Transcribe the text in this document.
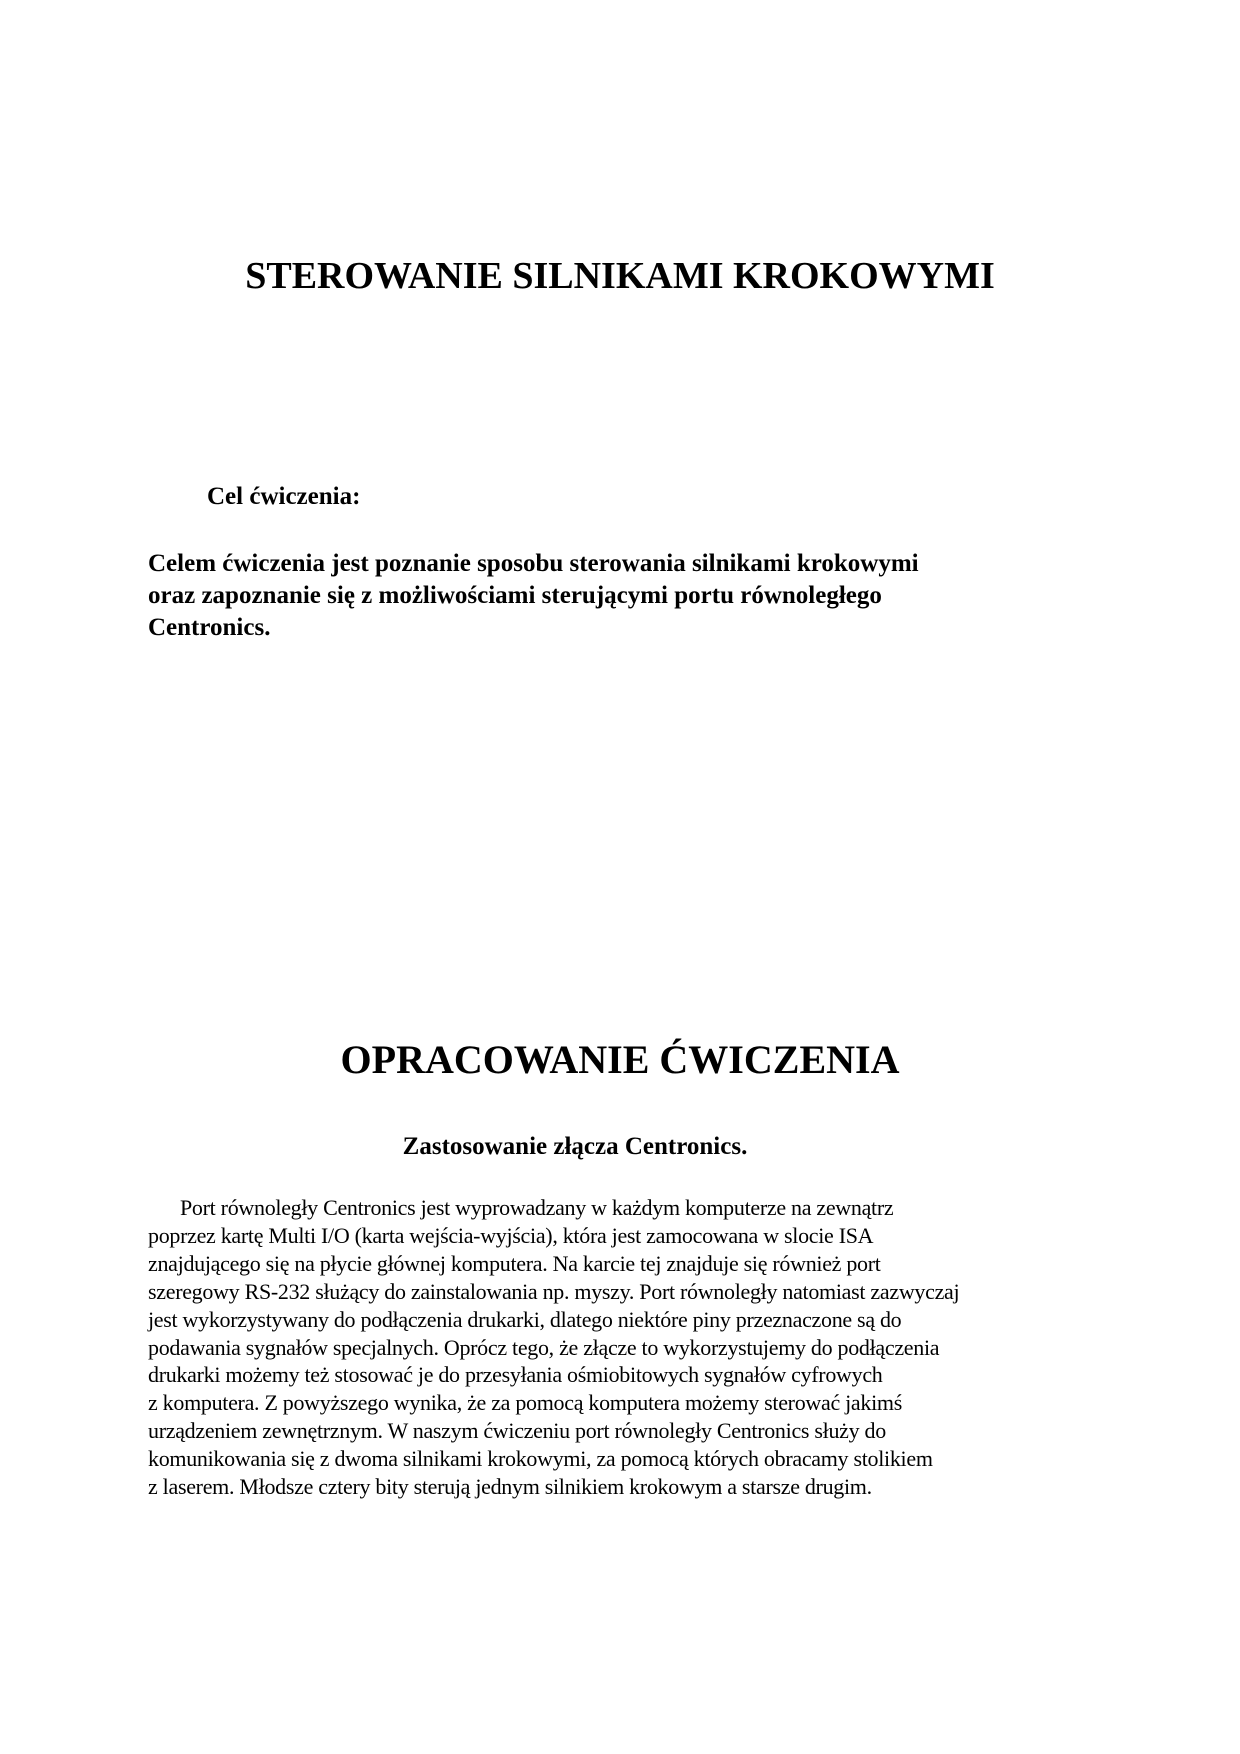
STEROWANIE SILNIKAMI KROKOWYMI
Cel ćwiczenia:
Celem ćwiczenia jest poznanie sposobu sterowania silnikami krokowymi
oraz zapoznanie się z możliwościami sterującymi portu równoległego
Centronics.
OPRACOWANIE ĆWICZENIA
Zastosowanie złącza Centronics.
Port równoległy Centronics jest wyprowadzany w każdym komputerze na zewnątrz
poprzez kartę Multi I/O (karta wejścia-wyjścia), która jest zamocowana w slocie ISA
znajdującego się na płycie głównej komputera. Na karcie tej znajduje się również port
szeregowy RS-232 służący do zainstalowania np. myszy. Port równoległy natomiast zazwyczaj
jest wykorzystywany do podłączenia drukarki, dlatego niektóre piny przeznaczone są do
podawania sygnałów specjalnych. Oprócz tego, że złącze to wykorzystujemy do podłączenia
drukarki możemy też stosować je do przesyłania ośmiobitowych sygnałów cyfrowych
z komputera. Z powyższego wynika, że za pomocą komputera możemy sterować jakimś
urządzeniem zewnętrznym. W naszym ćwiczeniu port równoległy Centronics służy do
komunikowania się z dwoma silnikami krokowymi, za pomocą których obracamy stolikiem
z laserem. Młodsze cztery bity sterują jednym silnikiem krokowym a starsze drugim.
